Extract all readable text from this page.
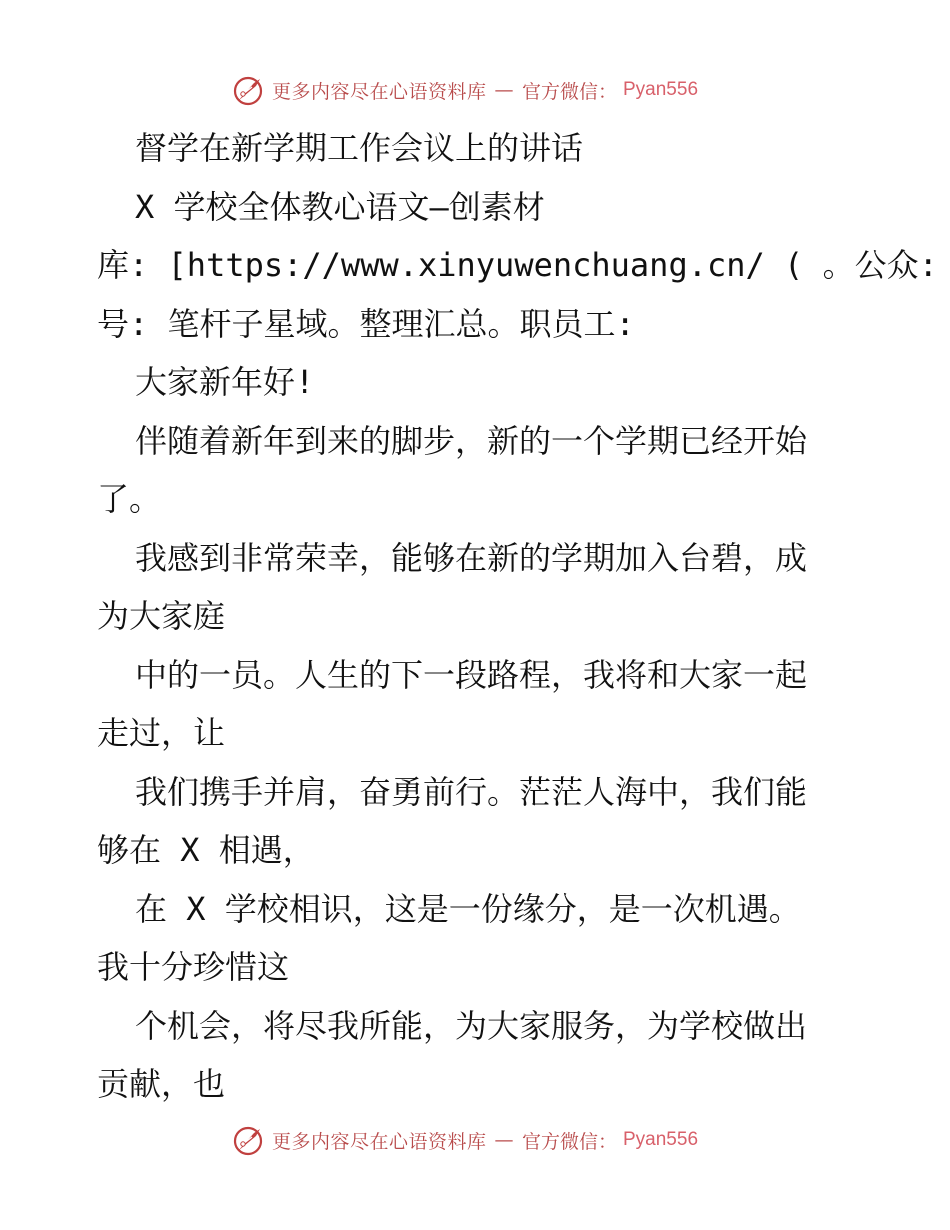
更多内容尽在心语资料库 — 官方微信： Pyan556
督学在新学期工作会议上的讲话
X 学校全体教心语文—创素材
库: [https://www.xinyuwenchuang.cn/ ( 。公众:
号: 笔杆子星域。整理汇总。职员工:
大家新年好!
伴随着新年到来的脚步，新的一个学期已经开始
了。
我感到非常荣幸，能够在新的学期加入台碧，成
为大家庭
中的一员。人生的下一段路程，我将和大家一起
走过，让
我们携手并肩，奋勇前行。茫茫人海中，我们能
够在 X 相遇，
在 X 学校相识，这是一份缘分，是一次机遇。
我十分珍惜这
个机会，将尽我所能，为大家服务，为学校做出
贡献，也
更多内容尽在心语资料库 — 官方微信： Pyan556
